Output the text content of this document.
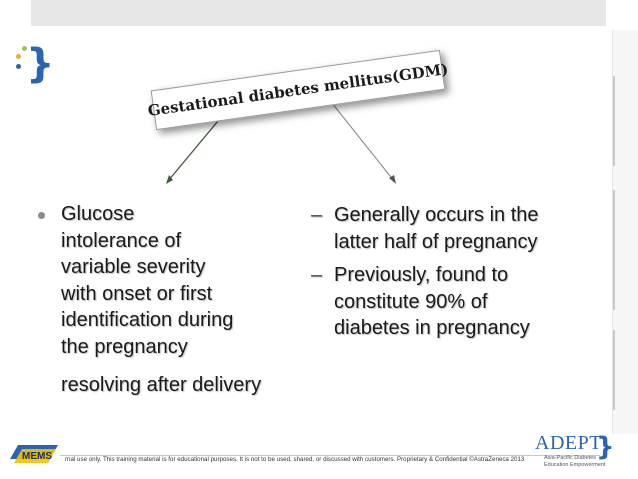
}	Gestational diabetes mellitus(GDM)
Glucose
intolerance of
variable severity
with onset or first
identification during
the pregnancy
resolving after delivery
– Generally occurs in the
latter half of pregnancy
– Previously, found to
constitute 90% of
diabetes in pregnancy
MEMS rnal use only. This training material is for educational purposes. It is not to be used, shared, or discussed with customers. Proprietary & Confidential ©AstraZeneca 2013
ADEPT
Asia-Pacific Diabetes
Education Empowerment
}
